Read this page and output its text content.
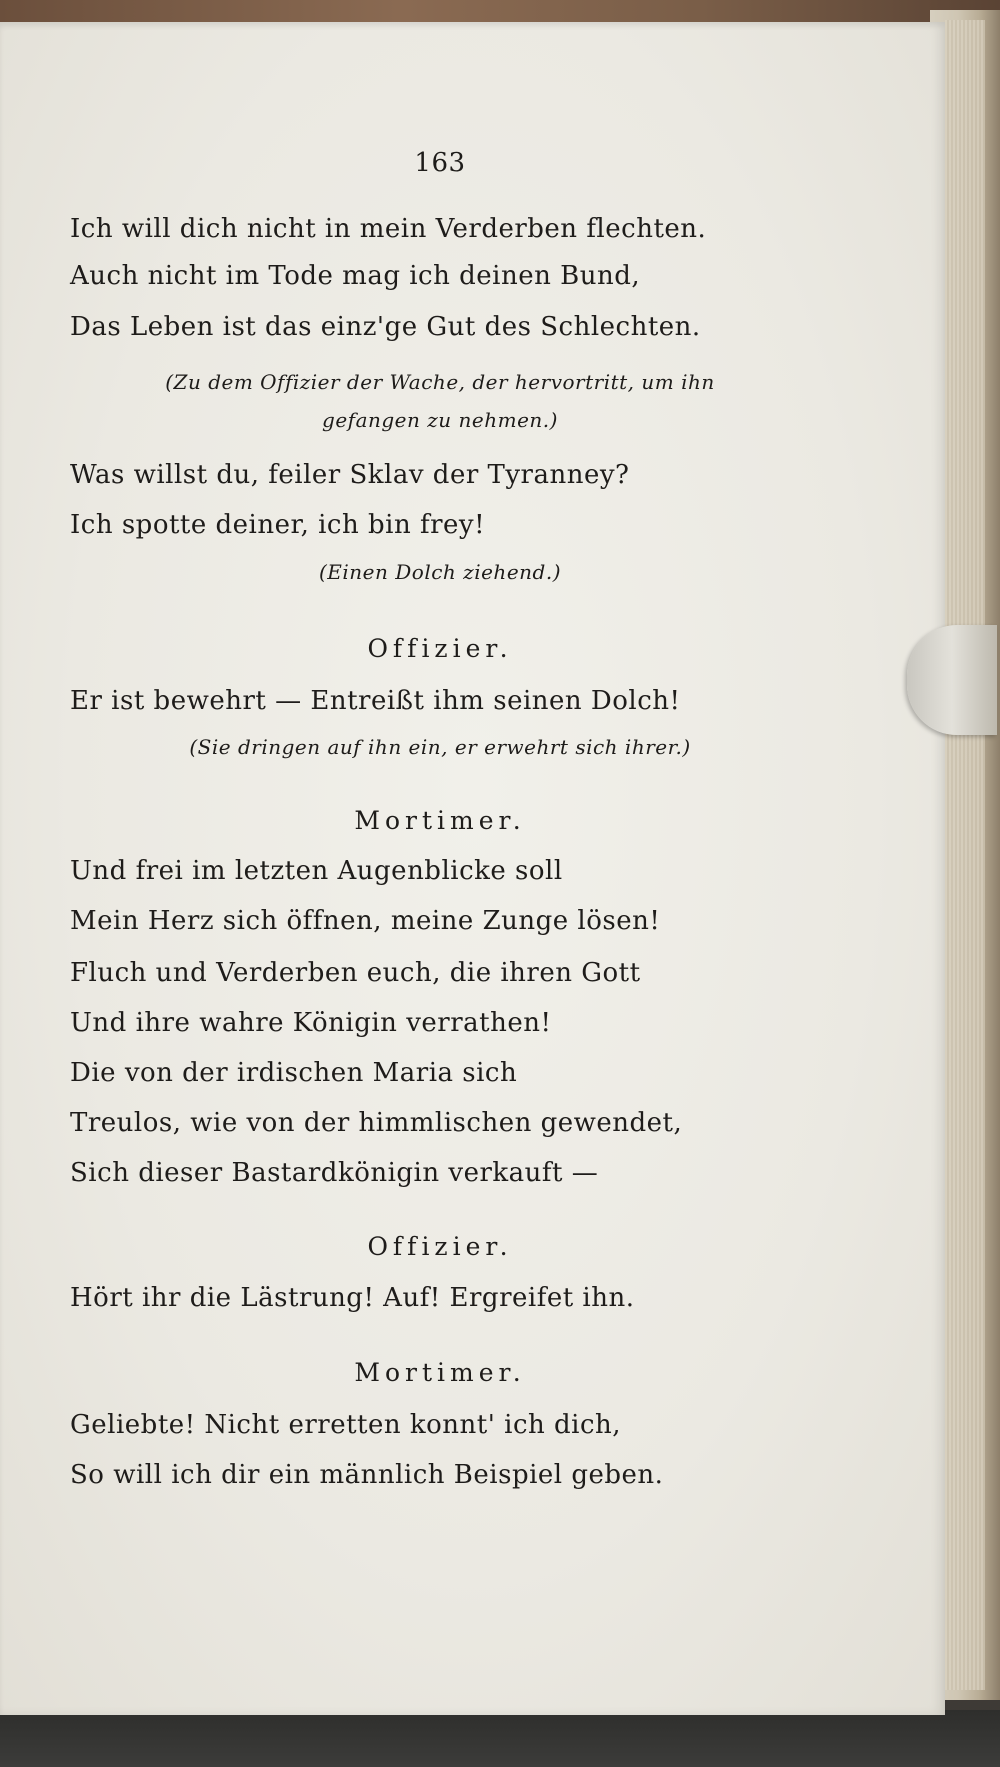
163
Ich will dich nicht in mein Verderben flechten.
Auch nicht im Tode mag ich deinen Bund,
Das Leben ist das einz'ge Gut des Schlechten.
(Zu dem Offizier der Wache, der hervortritt, um ihn
gefangen zu nehmen.)
Was willst du, feiler Sklav der Tyranney?
Ich spotte deiner, ich bin frey!
(Einen Dolch ziehend.)
Offizier.
Er ist bewehrt — Entreißt ihm seinen Dolch!
(Sie dringen auf ihn ein, er erwehrt sich ihrer.)
Mortimer.
Und frei im letzten Augenblicke soll
Mein Herz sich öffnen, meine Zunge lösen!
Fluch und Verderben euch, die ihren Gott
Und ihre wahre Königin verrathen!
Die von der irdischen Maria sich
Treulos, wie von der himmlischen gewendet,
Sich dieser Bastardkönigin verkauft —
Offizier.
Hört ihr die Lästrung! Auf! Ergreifet ihn.
Mortimer.
Geliebte! Nicht erretten konnt' ich dich,
So will ich dir ein männlich Beispiel geben.
